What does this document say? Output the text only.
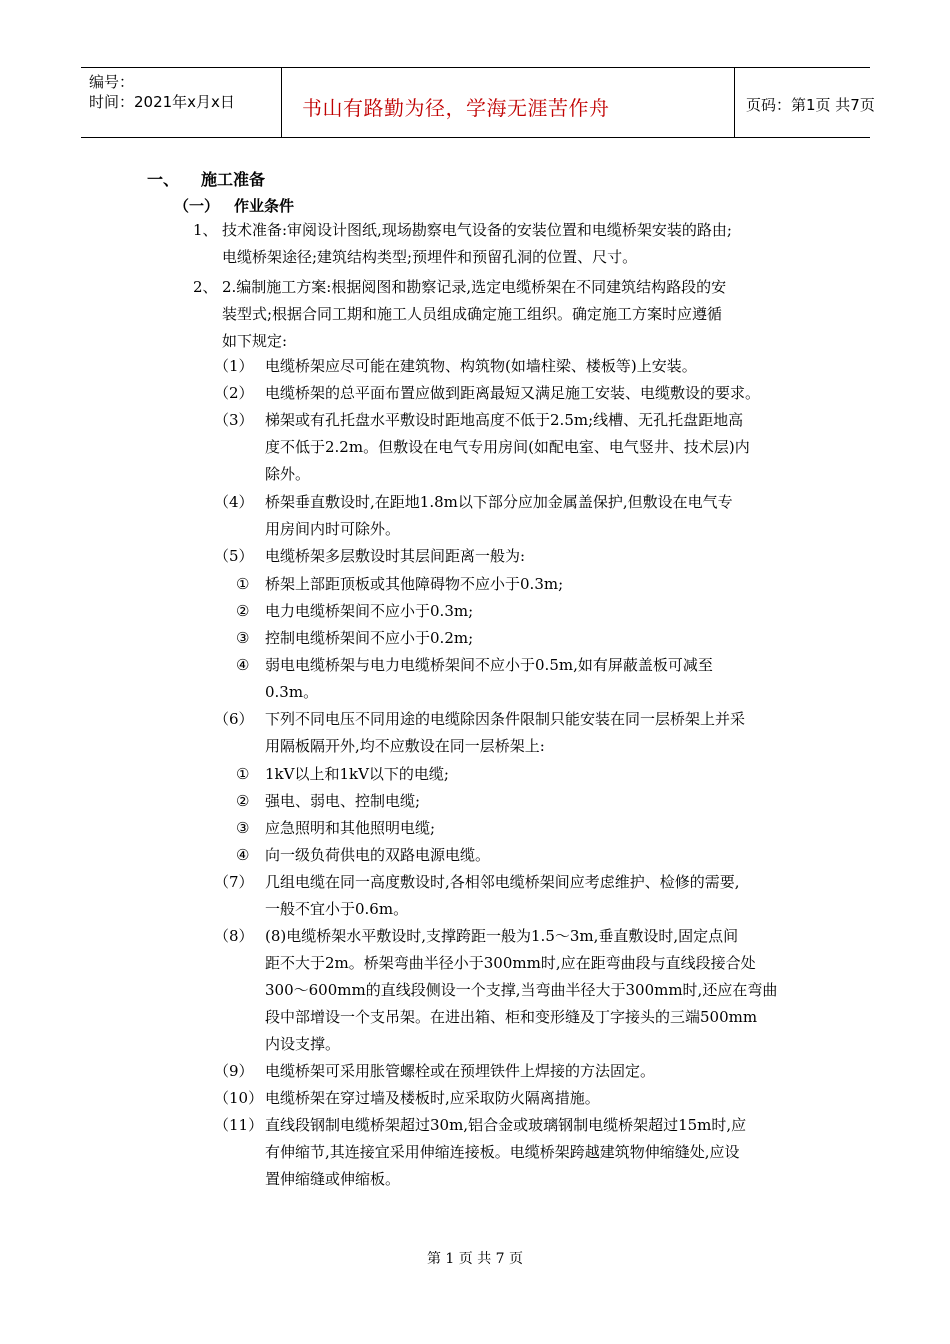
编号：
时间：2021年x月x日	书山有路勤为径，学海无涯苦作舟	页码：第1页 共7页
一、 施工准备
（一） 作业条件
1、 技术准备:审阅设计图纸,现场勘察电气设备的安装位置和电缆桥架安装的路由;
电缆桥架途径;建筑结构类型;预埋件和预留孔洞的位置、尺寸。
2、 2.编制施工方案:根据阅图和勘察记录,选定电缆桥架在不同建筑结构路段的安
装型式;根据合同工期和施工人员组成确定施工组织。确定施工方案时应遵循
如下规定:
（1） 电缆桥架应尽可能在建筑物、构筑物(如墙柱梁、楼板等)上安装。
（2） 电缆桥架的总平面布置应做到距离最短又满足施工安装、电缆敷设的要求。
（3） 梯架或有孔托盘水平敷设时距地高度不低于2.5m;线槽、无孔托盘距地高
度不低于2.2m。但敷设在电气专用房间(如配电室、电气竖井、技术层)内
除外。
（4） 桥架垂直敷设时,在距地1.8m以下部分应加金属盖保护,但敷设在电气专
用房间内时可除外。
（5） 电缆桥架多层敷设时其层间距离一般为:
（6） 下列不同电压不同用途的电缆除因条件限制只能安装在同一层桥架上并采
用隔板隔开外,均不应敷设在同一层桥架上:
（7） 几组电缆在同一高度敷设时,各相邻电缆桥架间应考虑维护、检修的需要,
一般不宜小于0.6m。
（8） (8)电缆桥架水平敷设时,支撑跨距一般为1.5～3m,垂直敷设时,固定点间
距不大于2m。桥架弯曲半径小于300mm时,应在距弯曲段与直线段接合处
300～600mm的直线段侧设一个支撑,当弯曲半径大于300mm时,还应在弯曲
段中部增设一个支吊架。在进出箱、柜和变形缝及丁字接头的三端500mm
内设支撑。
（9） 电缆桥架可采用胀管螺栓或在预埋铁件上焊接的方法固定。
（10） 电缆桥架在穿过墙及楼板时,应采取防火隔离措施。
（11） 直线段钢制电缆桥架超过30m,铝合金或玻璃钢制电缆桥架超过15m时,应
有伸缩节,其连接宜采用伸缩连接板。电缆桥架跨越建筑物伸缩缝处,应设
置伸缩缝或伸缩板。
① 桥架上部距顶板或其他障碍物不应小于0.3m;
② 电力电缆桥架间不应小于0.3m;
③ 控制电缆桥架间不应小于0.2m;
④ 弱电电缆桥架与电力电缆桥架间不应小于0.5m,如有屏蔽盖板可减至
0.3m。
① 1kV以上和1kV以下的电缆;
② 强电、弱电、控制电缆;
③ 应急照明和其他照明电缆;
④ 向一级负荷供电的双路电源电缆。
第 1 页 共 7 页
